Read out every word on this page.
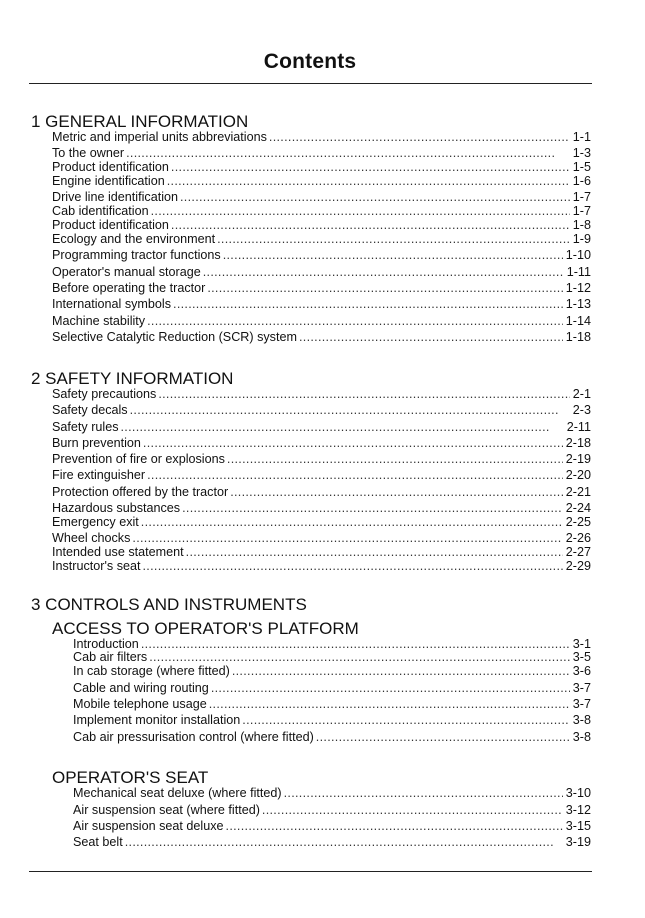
Contents
1 GENERAL INFORMATION
Metric and imperial units abbreviations . . .	1-1
To the owner . . .	1-3
Product identification . . .	1-5
Engine identification . . .	1-6
Drive line identification . . .	1-7
Cab identification . . .	1-7
Product identification . . .	1-8
Ecology and the environment . . .	1-9
Programming tractor functions . . .	1-10
Operator's manual storage . . .	1-11
Before operating the tractor . . .	1-12
International symbols . . .	1-13
Machine stability . . .	1-14
Selective Catalytic Reduction (SCR) system . . .	1-18
2 SAFETY INFORMATION
Safety precautions . . .	2-1
Safety decals . . .	2-3
Safety rules . . .	2-11
Burn prevention . . .	2-18
Prevention of fire or explosions . . .	2-19
Fire extinguisher . . .	2-20
Protection offered by the tractor . . .	2-21
Hazardous substances . . .	2-24
Emergency exit . . .	2-25
Wheel chocks . . .	2-26
Intended use statement . . .	2-27
Instructor's seat . . .	2-29
3 CONTROLS AND INSTRUMENTS
ACCESS TO OPERATOR'S PLATFORM
Introduction . . .	3-1
Cab air filters . . .	3-5
In cab storage (where fitted) . . .	3-6
Cable and wiring routing . . .	3-7
Mobile telephone usage . . .	3-7
Implement monitor installation . . .	3-8
Cab air pressurisation control (where fitted) . . .	3-8
OPERATOR'S SEAT
Mechanical seat deluxe (where fitted) . . .	3-10
Air suspension seat (where fitted) . . .	3-12
Air suspension seat deluxe . . .	3-15
Seat belt . . .	3-19
